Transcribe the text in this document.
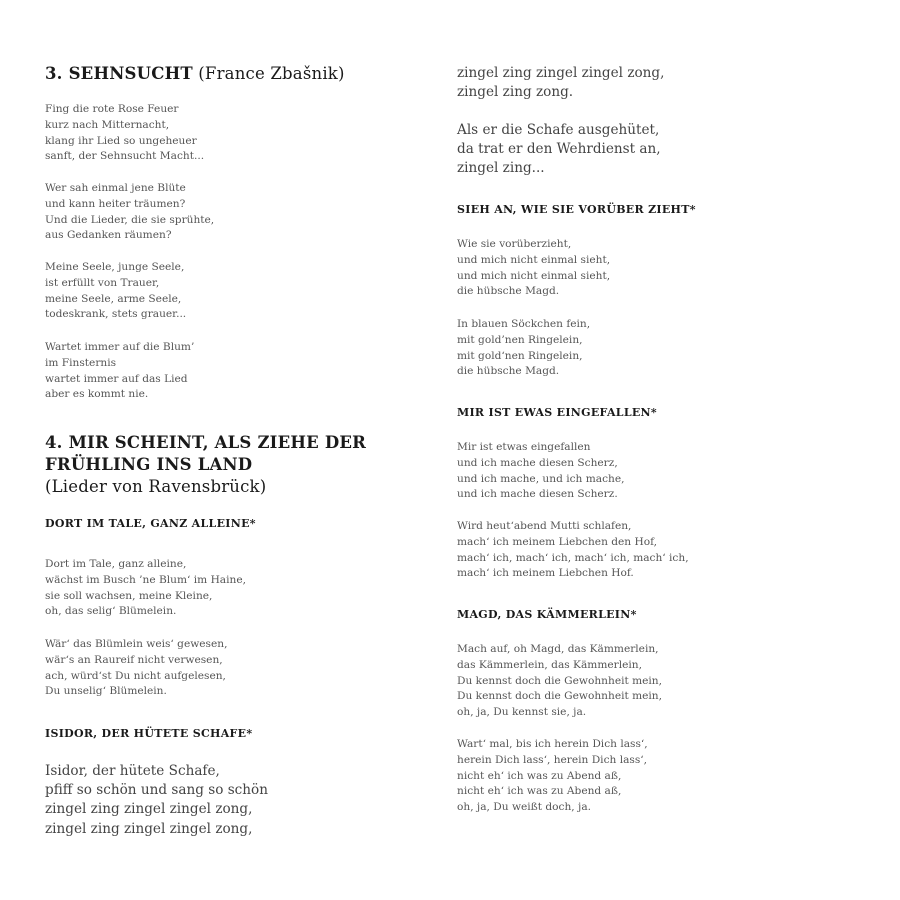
3. SEHNSUCHT (France Zbašnik)
Fing die rote Rose Feuer
kurz nach Mitternacht,
klang ihr Lied so ungeheuer
sanft, der Sehnsucht Macht...
Wer sah einmal jene Blüte
und kann heiter träumen?
Und die Lieder, die sie sprühte,
aus Gedanken räumen?
Meine Seele, junge Seele,
ist erfüllt von Trauer,
meine Seele, arme Seele,
todeskrank, stets grauer...
Wartet immer auf die Blum’
im Finsternis
wartet immer auf das Lied
aber es kommt nie.
4. MIR SCHEINT, ALS ZIEHE DER
FRÜHLING INS LAND
(Lieder von Ravensbrück)
DORT IM TALE, GANZ ALLEINE*
Dort im Tale, ganz alleine,
wächst im Busch ’ne Blum‘ im Haine,
sie soll wachsen, meine Kleine,
oh, das selig‘ Blümelein.
Wär‘ das Blümlein weis‘ gewesen,
wär‘s an Raureif nicht verwesen,
ach, würd‘st Du nicht aufgelesen,
Du unselig‘ Blümelein.
ISIDOR, DER HÜTETE SCHAFE*
Isidor, der hütete Schafe,
pfiff so schön und sang so schön
zingel zing zingel zingel zong,
zingel zing zingel zingel zong,
zingel zing zingel zingel zong,
zingel zing zong.
Als er die Schafe ausgehütet,
da trat er den Wehrdienst an,
zingel zing...
SIEH AN, WIE SIE VORÜBER ZIEHT*
Wie sie vorüberzieht,
und mich nicht einmal sieht,
und mich nicht einmal sieht,
die hübsche Magd.
In blauen Söckchen fein,
mit gold’nen Ringelein,
mit gold‘nen Ringelein,
die hübsche Magd.
MIR IST EWAS EINGEFALLEN*
Mir ist etwas eingefallen
und ich mache diesen Scherz,
und ich mache, und ich mache,
und ich mache diesen Scherz.
Wird heut‘abend Mutti schlafen,
mach‘ ich meinem Liebchen den Hof,
mach‘ ich, mach‘ ich, mach‘ ich, mach‘ ich,
mach‘ ich meinem Liebchen Hof.
MAGD, DAS KÄMMERLEIN*
Mach auf, oh Magd, das Kämmerlein,
das Kämmerlein, das Kämmerlein,
Du kennst doch die Gewohnheit mein,
Du kennst doch die Gewohnheit mein,
oh, ja, Du kennst sie, ja.
Wart‘ mal, bis ich herein Dich lass‘,
herein Dich lass‘, herein Dich lass‘,
nicht eh‘ ich was zu Abend aß,
nicht eh‘ ich was zu Abend aß,
oh, ja, Du weißt doch, ja.
